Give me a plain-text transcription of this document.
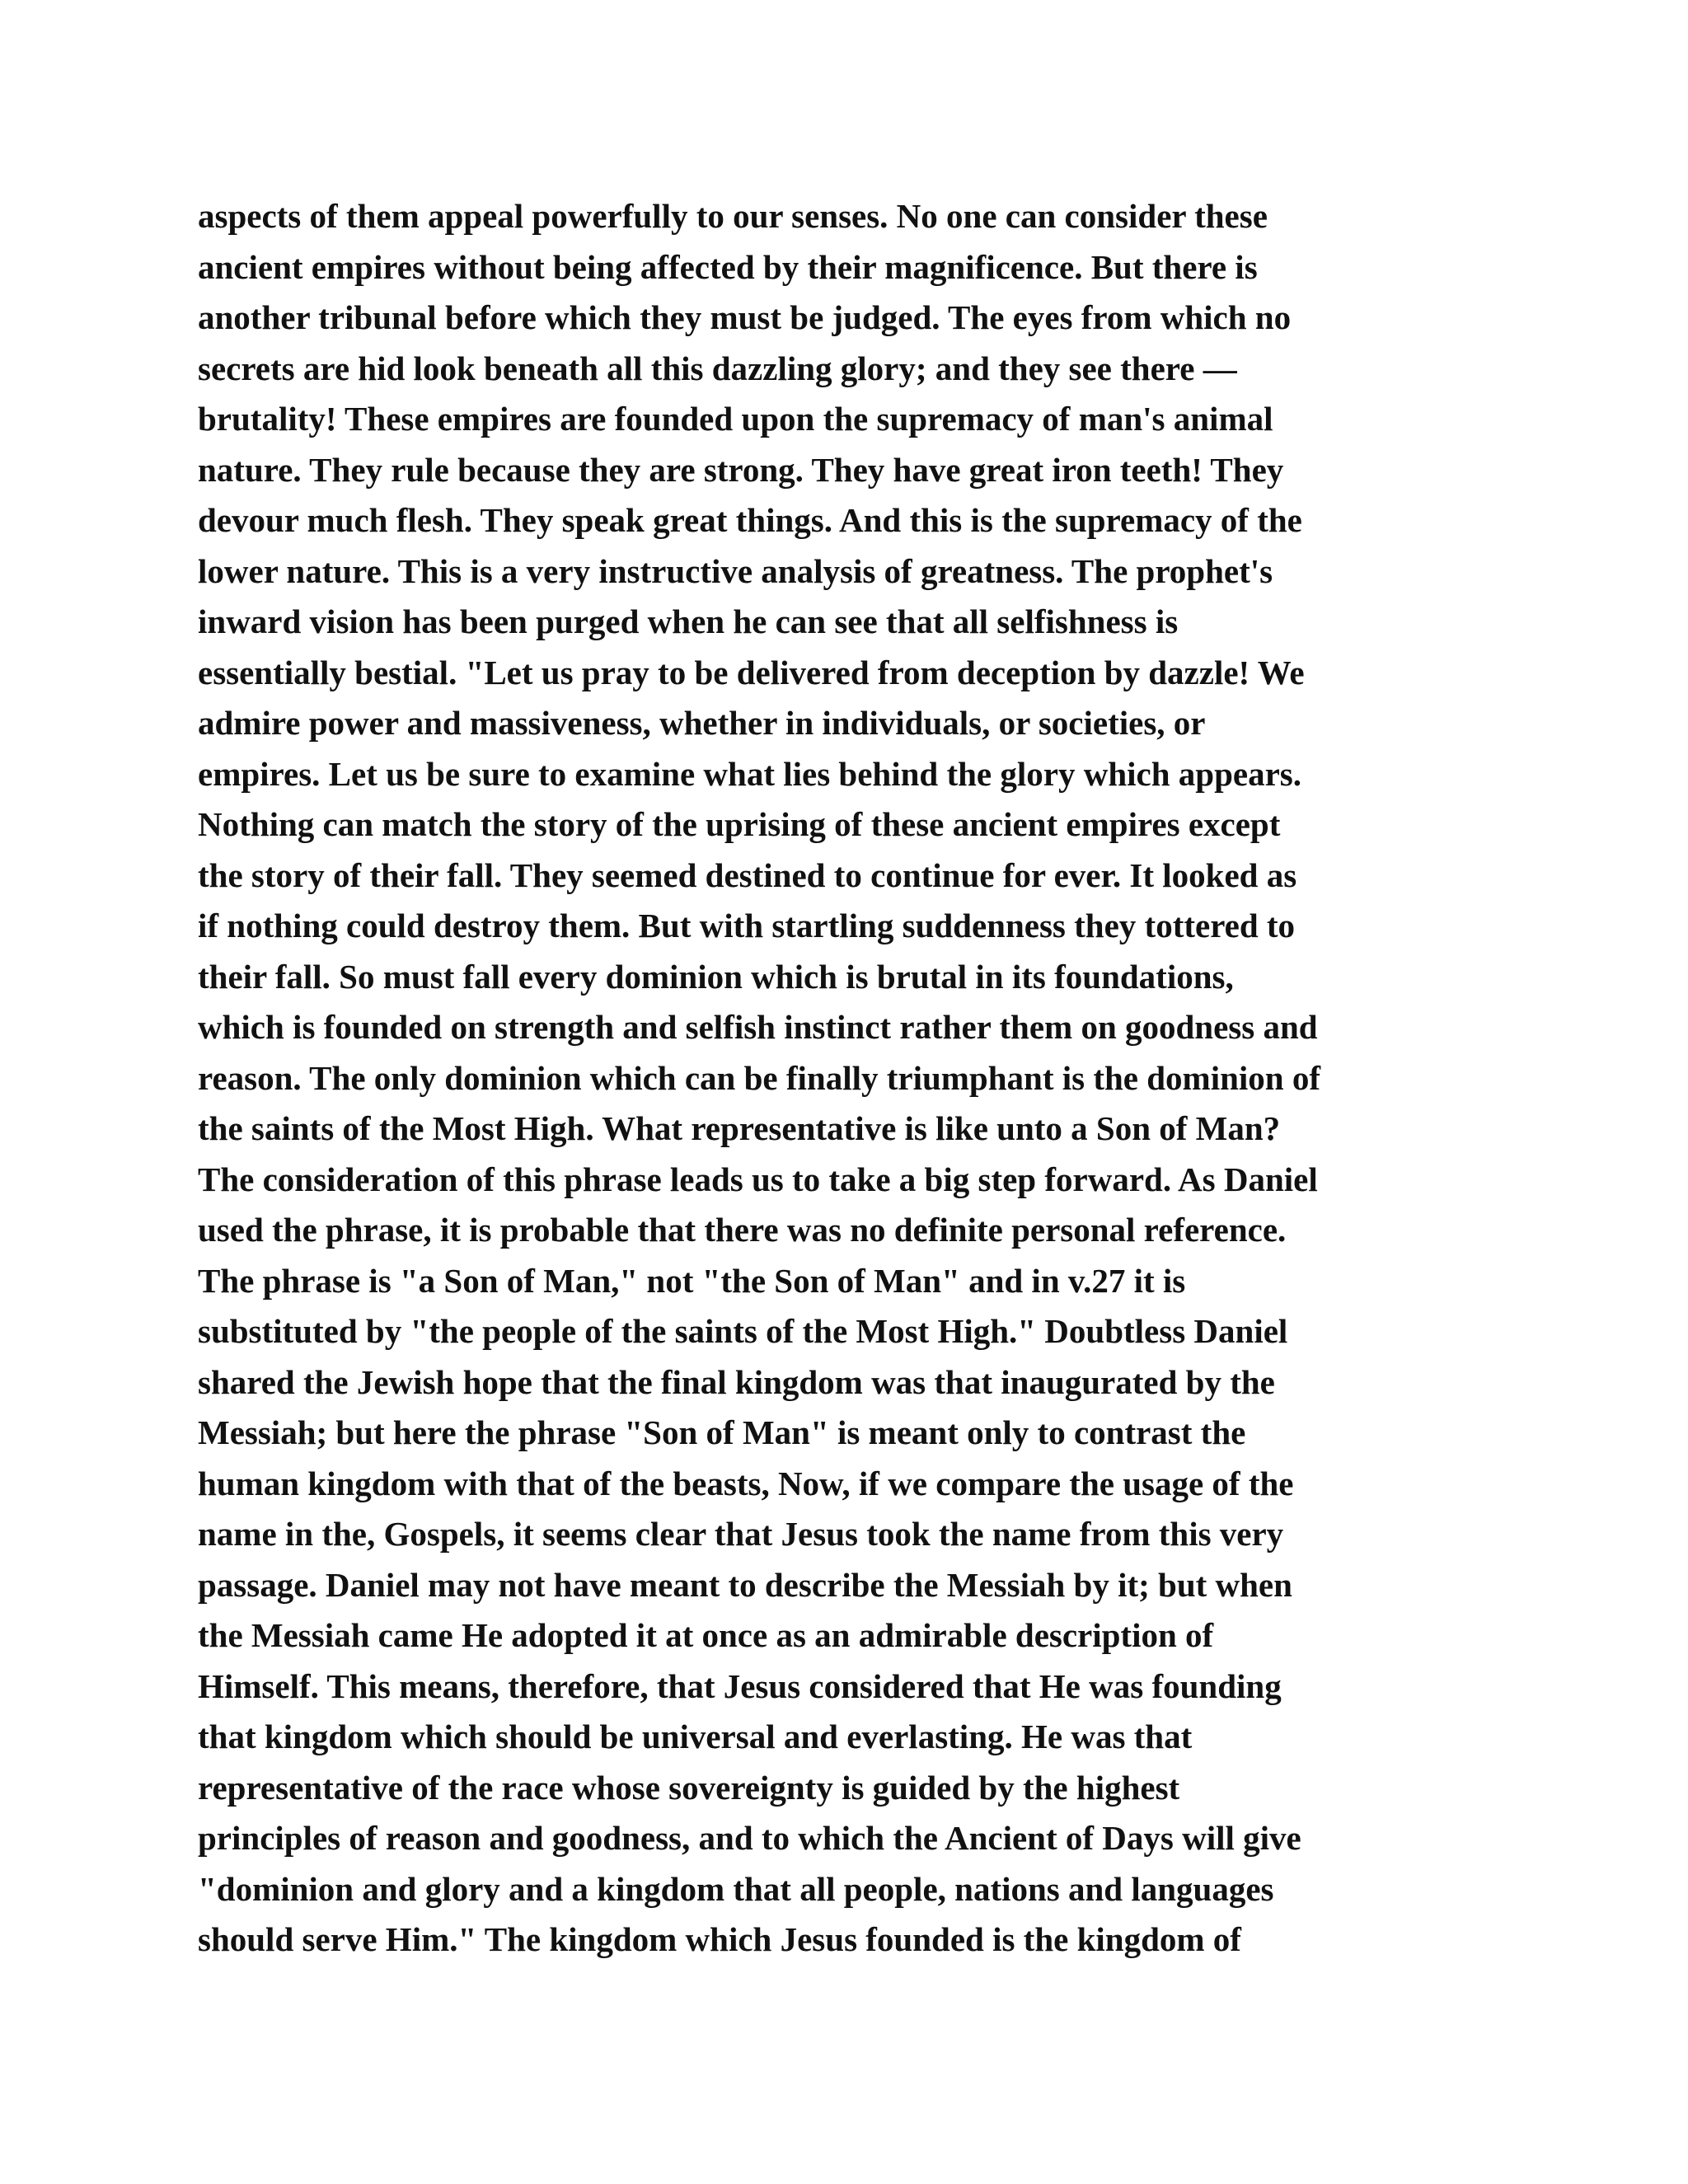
aspects of them appeal powerfully to our senses. No one can consider these
ancient empires without being affected by their magnificence. But there is
another tribunal before which they must be judged. The eyes from which no
secrets are hid look beneath all this dazzling glory; and they see there —
brutality! These empires are founded upon the supremacy of man's animal
nature. They rule because they are strong. They have great iron teeth! They
devour much flesh. They speak great things. And this is the supremacy of the
lower nature. This is a very instructive analysis of greatness. The prophet's
inward vision has been purged when he can see that all selfishness is
essentially bestial. "Let us pray to be delivered from deception by dazzle! We
admire power and massiveness, whether in individuals, or societies, or
empires. Let us be sure to examine what lies behind the glory which appears.
Nothing can match the story of the uprising of these ancient empires except
the story of their fall. They seemed destined to continue for ever. It looked as
if nothing could destroy them. But with startling suddenness they tottered to
their fall. So must fall every dominion which is brutal in its foundations,
which is founded on strength and selfish instinct rather them on goodness and
reason. The only dominion which can be finally triumphant is the dominion of
the saints of the Most High. What representative is like unto a Son of Man?
The consideration of this phrase leads us to take a big step forward. As Daniel
used the phrase, it is probable that there was no definite personal reference.
The phrase is "a Son of Man," not "the Son of Man" and in v.27 it is
substituted by "the people of the saints of the Most High." Doubtless Daniel
shared the Jewish hope that the final kingdom was that inaugurated by the
Messiah; but here the phrase "Son of Man" is meant only to contrast the
human kingdom with that of the beasts, Now, if we compare the usage of the
name in the, Gospels, it seems clear that Jesus took the name from this very
passage. Daniel may not have meant to describe the Messiah by it; but when
the Messiah came He adopted it at once as an admirable description of
Himself. This means, therefore, that Jesus considered that He was founding
that kingdom which should be universal and everlasting. He was that
representative of the race whose sovereignty is guided by the highest
principles of reason and goodness, and to which the Ancient of Days will give
"dominion and glory and a kingdom that all people, nations and languages
should serve Him." The kingdom which Jesus founded is the kingdom of
